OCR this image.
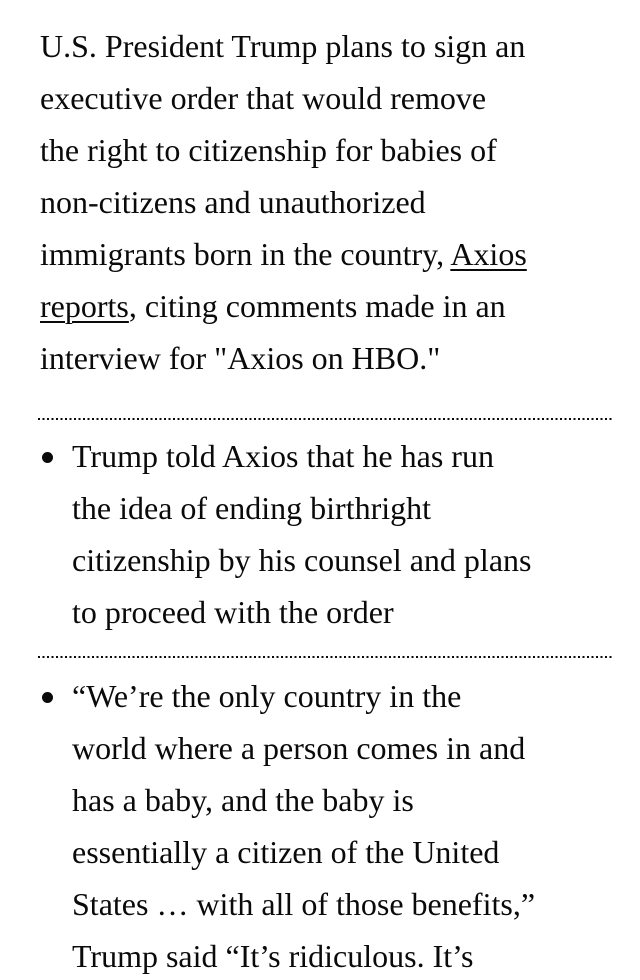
U.S. President Trump plans to sign an
executive order that would remove
the right to citizenship for babies of
non-citizens and unauthorized
immigrants born in the country, Axios
reports, citing comments made in an
interview for "Axios on HBO."

Trump told Axios that he has run
the idea of ending birthright
citizenship by his counsel and plans
to proceed with the order
“We’re the only country in the
world where a person comes in and
has a baby, and the baby is
essentially a citizen of the United
States … with all of those benefits,”
Trump said “It’s ridiculous. It’s
